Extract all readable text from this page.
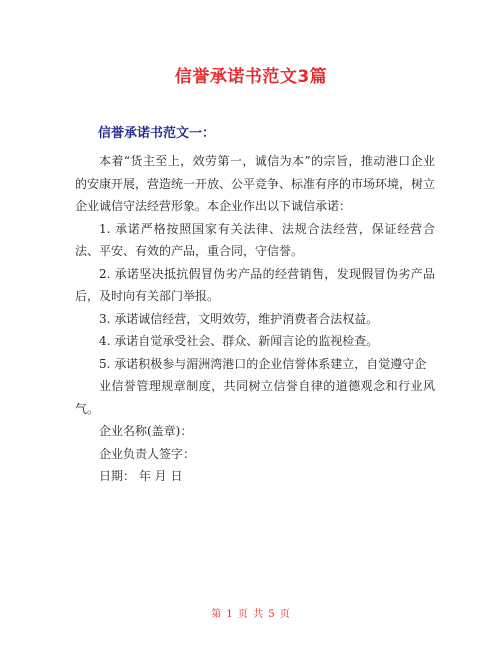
信誉承诺书范文3篇
信誉承诺书范文一：

本着“货主至上，效劳第一，诚信为本”的宗旨，推动港口企业的安康开展，营造统一开放、公平竞争、标准有序的市场环境，树立企业诚信守法经营形象。本企业作出以下诚信承诺：

1. 承诺严格按照国家有关法律、法规合法经营，保证经营合法、平安、有效的产品，重合同，守信誉。

2. 承诺坚决抵抗假冒伪劣产品的经营销售，发现假冒伪劣产品后，及时向有关部门举报。

3. 承诺诚信经营，文明效劳，维护消费者合法权益。

4. 承诺自觉承受社会、群众、新闻言论的监视检查。

5. 承诺积极参与湄洲湾港口的企业信誉体系建立，自觉遵守企

业信誉管理规章制度，共同树立信誉自律的道德观念和行业风气。

企业名称(盖章)：

企业负责人签字：

日期： 年 月 日

第 1 页 共 5 页
